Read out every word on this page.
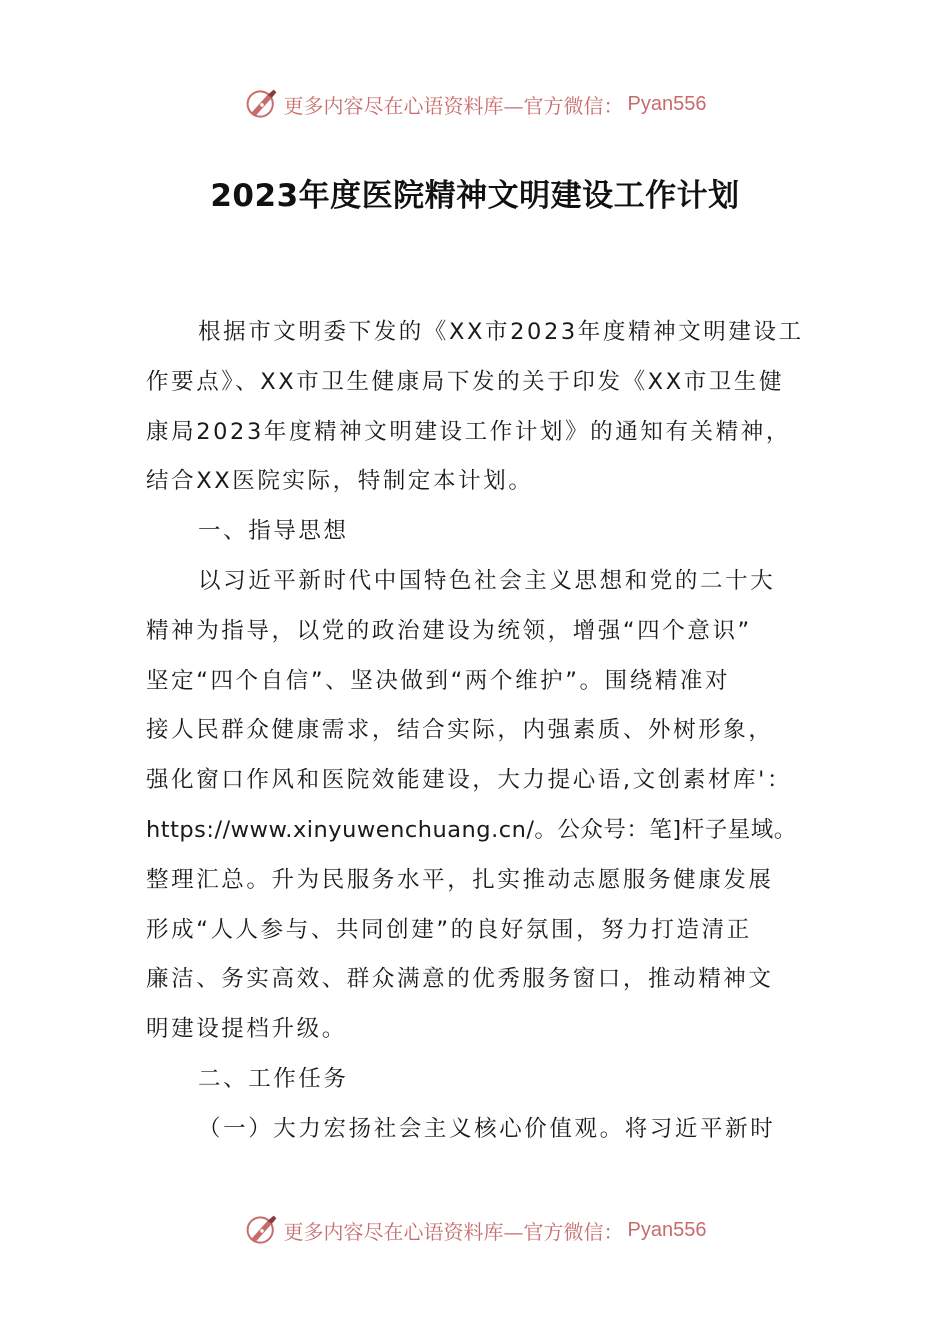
更多内容尽在心语资料库—官方微信： Pyan556
2023年度医院精神文明建设工作计划
根据市文明委下发的《XX市2023年度精神文明建设工
作要点》、XX市卫生健康局下发的关于印发《XX市卫生健
康局2023年度精神文明建设工作计划》的通知有关精神，
结合XX医院实际，特制定本计划。
一、指导思想
以习近平新时代中国特色社会主义思想和党的二十大
精神为指导，以党的政治建设为统领，增强“四个意识”
坚定“四个自信”、坚决做到“两个维护”。围绕精准对
接人民群众健康需求，结合实际，内强素质、外树形象，
强化窗口作风和医院效能建设，大力提心语,文创素材库'：
https://www.xinyuwenchuang.cn/。公众号：笔]杆子星域。
整理汇总。升为民服务水平，扎实推动志愿服务健康发展
形成“人人参与、共同创建”的良好氛围，努力打造清正
廉洁、务实高效、群众满意的优秀服务窗口，推动精神文
明建设提档升级。
二、工作任务
（一）大力宏扬社会主义核心价值观。将习近平新时
更多内容尽在心语资料库—官方微信： Pyan556
